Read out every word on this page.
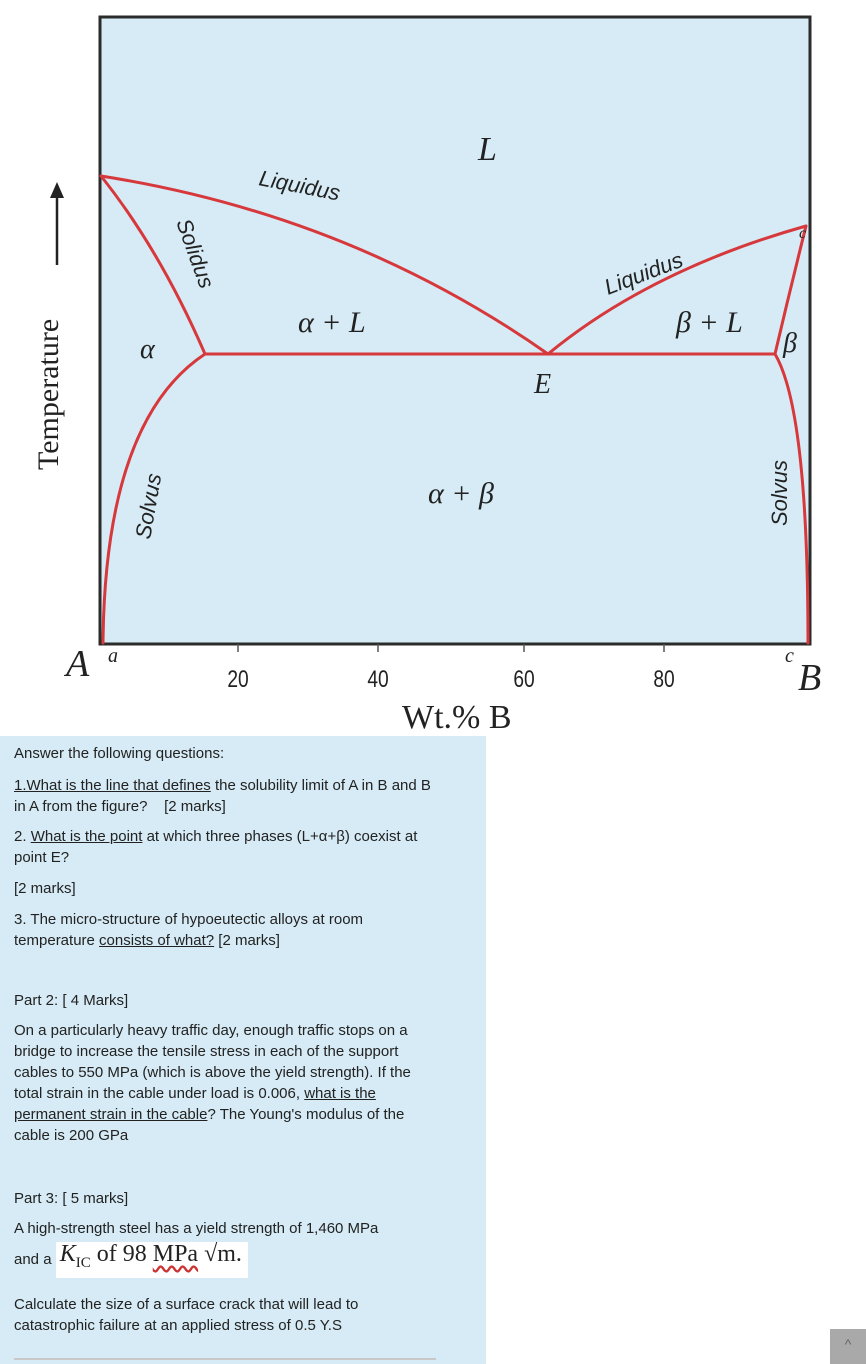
L
α + L	β + L
α + β
α	β
Liquidus
Liquidus
Solidus
Solvus	Solvus
E
c
20	40	60	80
A a	c
B
Wt.% B
Temperature
Answer the following questions:
1.What is the line that defines the solubility limit of A in B and B in A from the figure? [2 marks]
2. What is the point at which three phases (L+α+β) coexist at point E?
[2 marks]
3. The micro-structure of hypoeutectic alloys at room temperature consists of what? [2 marks]
Part 2: [ 4 Marks]
On a particularly heavy traffic day, enough traffic stops on a bridge to increase the tensile stress in each of the support cables to 550 MPa (which is above the yield strength). If the total strain in the cable under load is 0.006, what is the permanent strain in the cable? The Young's modulus of the cable is 200 GPa
Part 3: [ 5 marks]
A high-strength steel has a yield strength of 1,460 MPa
and a $K_{IC}$ of 98 MPa √m.
Calculate the size of a surface crack that will lead to catastrophic failure at an applied stress of 0.5 Y.S
^
